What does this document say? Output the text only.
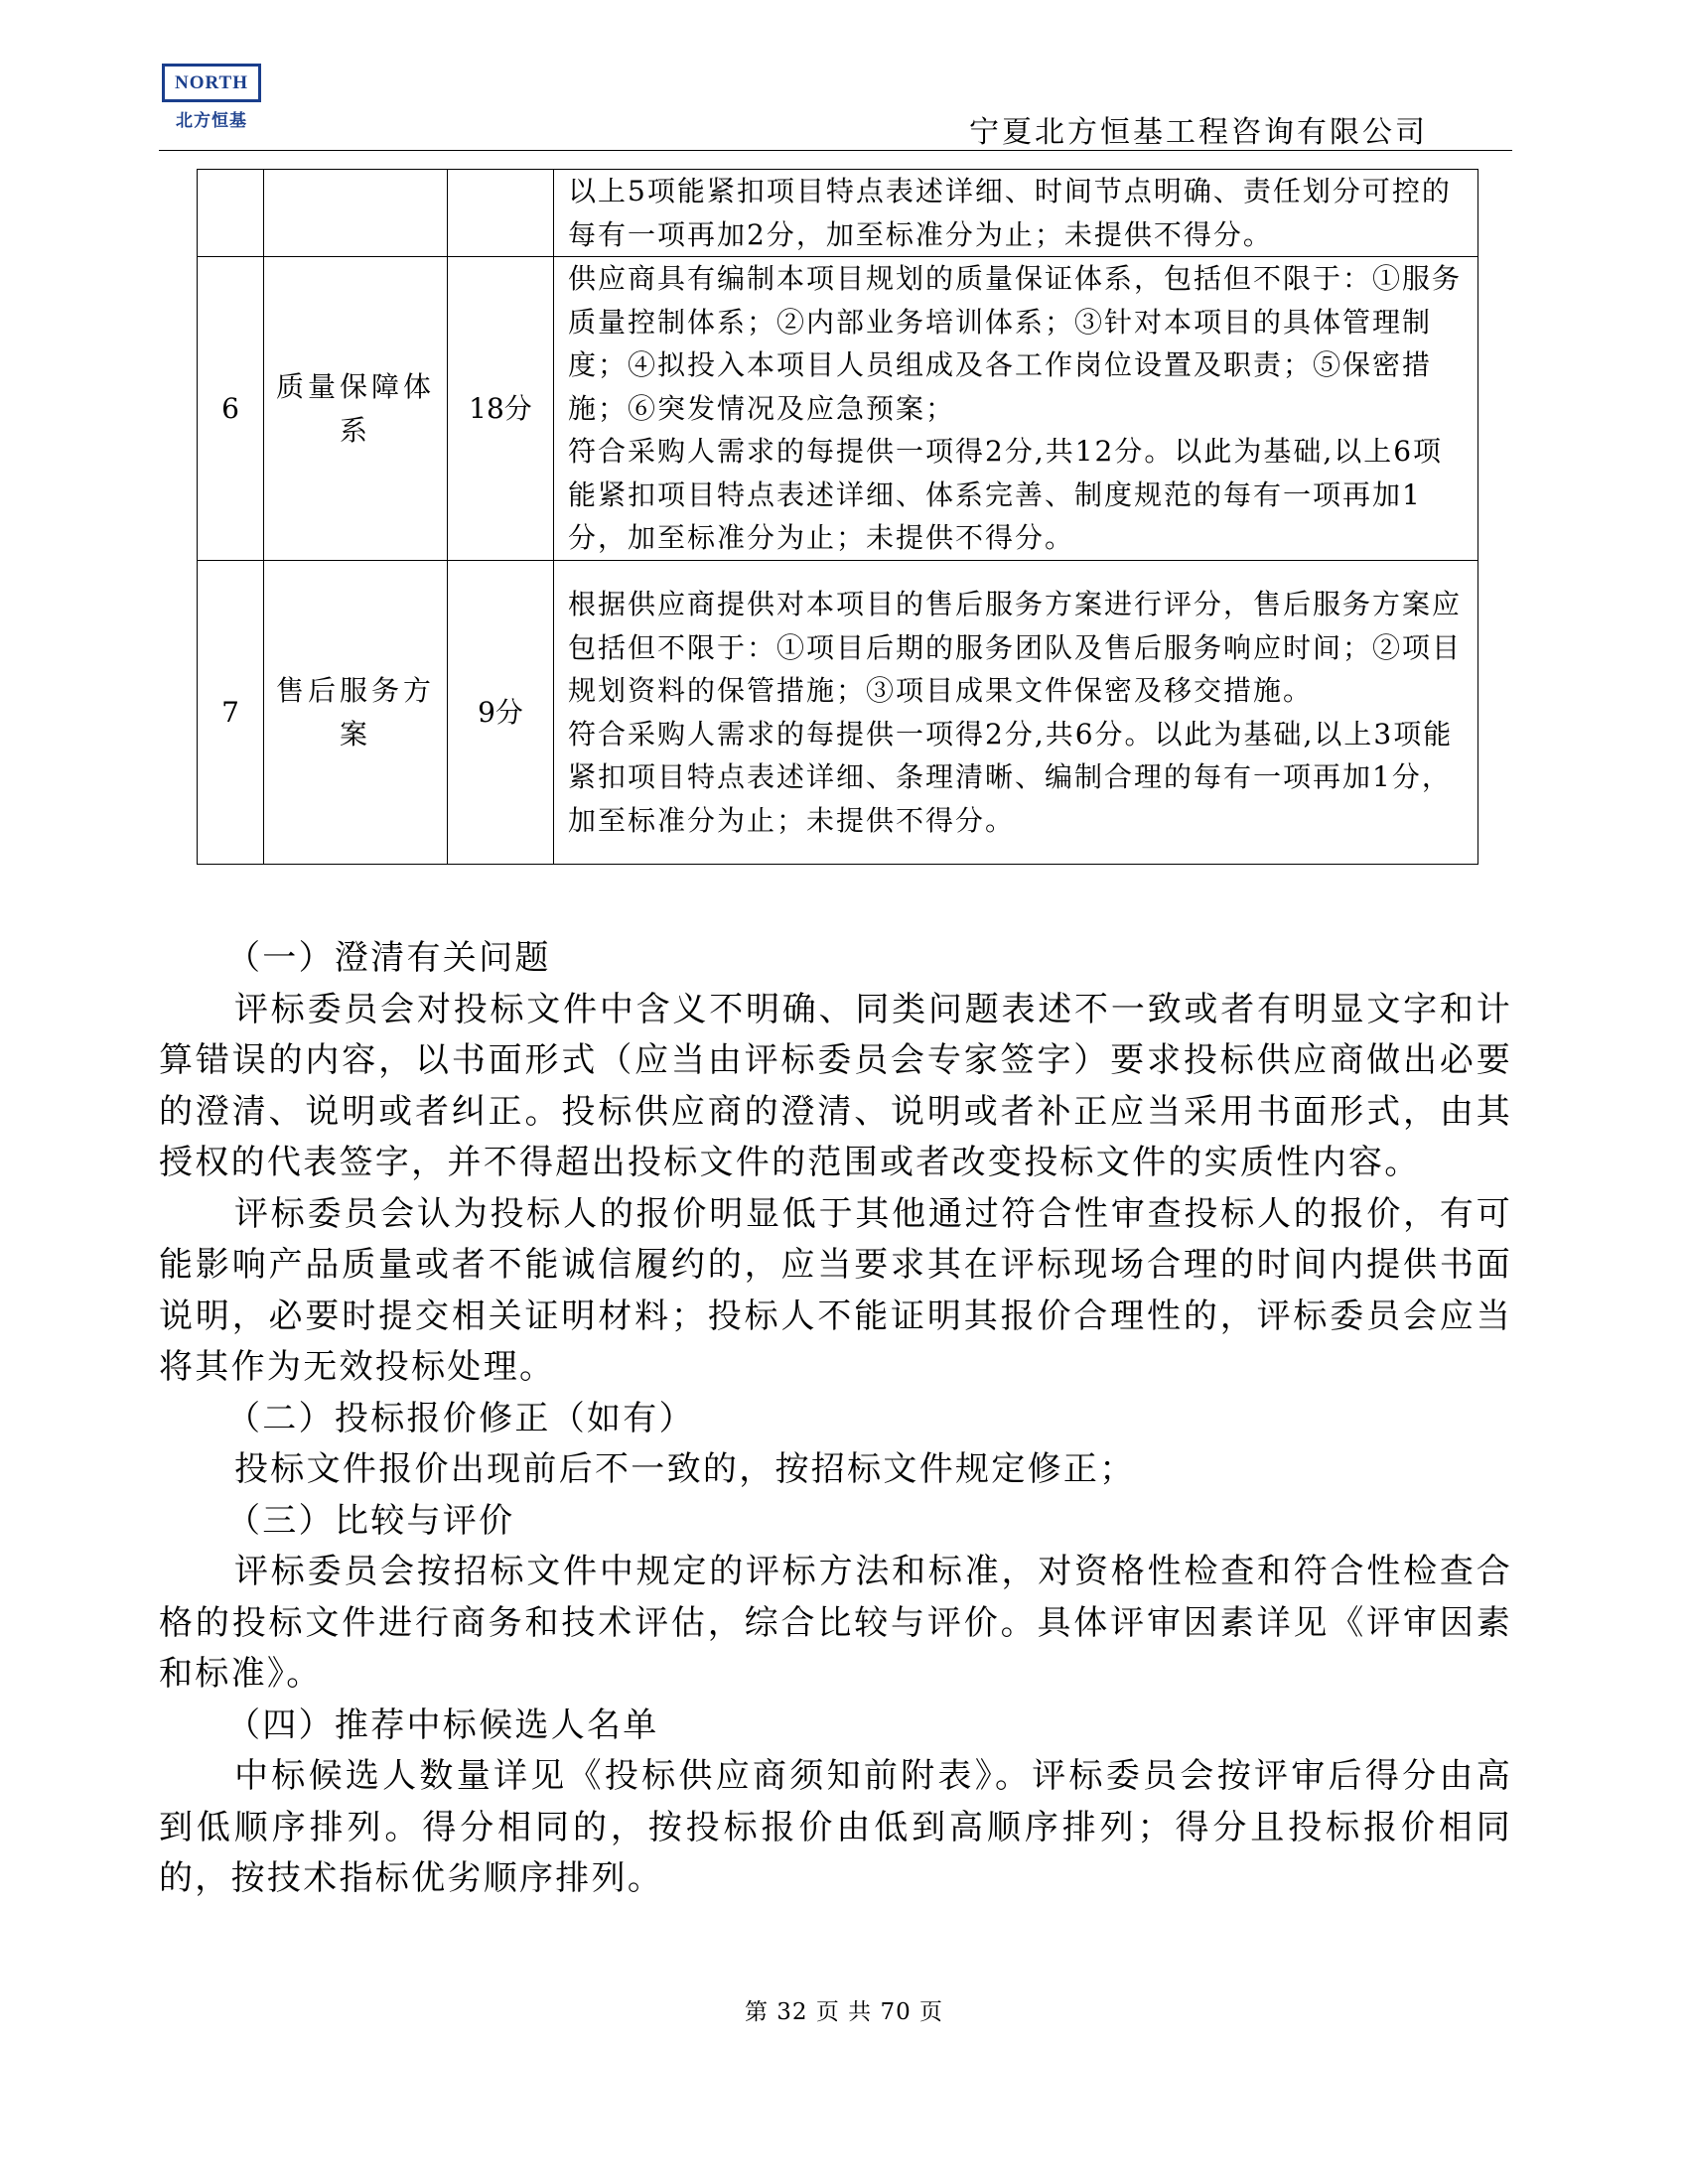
NORTH
北方恒基	宁夏北方恒基工程咨询有限公司
			以上5项能紧扣项目特点表述详细、时间节点明确、责任划分可控的每有一项再加2分，加至标准分为止；未提供不得分。
6	质量保障体系	18分	供应商具有编制本项目规划的质量保证体系，包括但不限于：①服务质量控制体系；②内部业务培训体系；③针对本项目的具体管理制度；④拟投入本项目人员组成及各工作岗位设置及职责；⑤保密措施；⑥突发情况及应急预案；
符合采购人需求的每提供一项得2分,共12分。以此为基础,以上6项能紧扣项目特点表述详细、体系完善、制度规范的每有一项再加1分，加至标准分为止；未提供不得分。
7	售后服务方案	9分	根据供应商提供对本项目的售后服务方案进行评分，售后服务方案应包括但不限于：①项目后期的服务团队及售后服务响应时间；②项目规划资料的保管措施；③项目成果文件保密及移交措施。
符合采购人需求的每提供一项得2分,共6分。以此为基础,以上3项能紧扣项目特点表述详细、条理清晰、编制合理的每有一项再加1分，加至标准分为止；未提供不得分。
（一）澄清有关问题
评标委员会对投标文件中含义不明确、同类问题表述不一致或者有明显文字和计算错误的内容，以书面形式（应当由评标委员会专家签字）要求投标供应商做出必要的澄清、说明或者纠正。投标供应商的澄清、说明或者补正应当采用书面形式，由其授权的代表签字，并不得超出投标文件的范围或者改变投标文件的实质性内容。
评标委员会认为投标人的报价明显低于其他通过符合性审查投标人的报价，有可能影响产品质量或者不能诚信履约的，应当要求其在评标现场合理的时间内提供书面说明，必要时提交相关证明材料；投标人不能证明其报价合理性的，评标委员会应当将其作为无效投标处理。
（二）投标报价修正（如有）
投标文件报价出现前后不一致的，按招标文件规定修正；
（三）比较与评价
评标委员会按招标文件中规定的评标方法和标准，对资格性检查和符合性检查合格的投标文件进行商务和技术评估，综合比较与评价。具体评审因素详见《评审因素和标准》。
（四）推荐中标候选人名单
中标候选人数量详见《投标供应商须知前附表》。评标委员会按评审后得分由高到低顺序排列。得分相同的，按投标报价由低到高顺序排列；得分且投标报价相同的，按技术指标优劣顺序排列。
第 32 页 共 70 页
